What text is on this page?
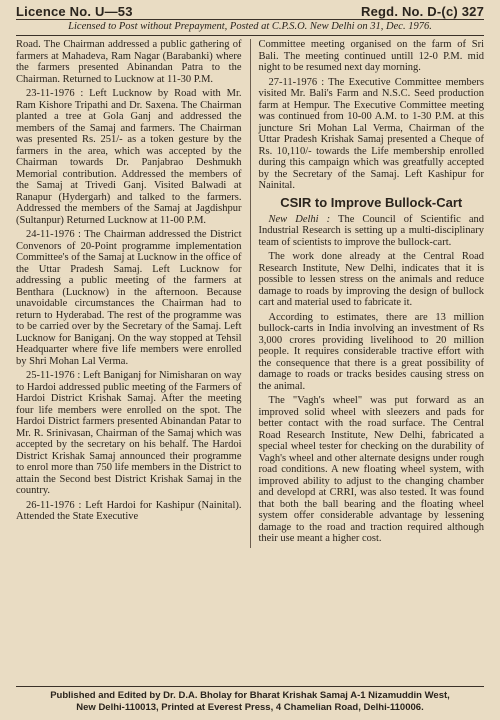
Licence No. U—53	Regd. No. D-(c) 327
Licensed to Post without Prepayment, Posted at C.P.S.O. New Delhi on 31, Dec. 1976.

Road. The Chairman addressed a public gathering of farmers at Mahadeva, Ram Nagar (Barabanki) where the farmers presented Abinandan Patra to the Chairman. Returned to Lucknow at 11-30 P.M.

23-11-1976 : Left Lucknow by Road with Mr. Ram Kishore Tripathi and Dr. Saxena. The Chairman planted a tree at Gola Ganj and addressed the members of the Samaj and farmers. The Chairman was presented Rs. 251/- as a token gesture by the farmers in the area, which was accepted by the Chairman towards Dr. Panjabrao Deshmukh Memorial contribution. Addressed the members of the Samaj at Trivedi Ganj. Visited Balwadi at Ranapur (Hydergarh) and talked to the farmers. Addressed the members of the Samaj at Jagdishpur (Sultanpur) Returned Lucknow at 11-00 P.M.

24-11-1976 : The Chairman addressed the District Convenors of 20-Point programme implementation Committee's of the Samaj at Lucknow in the office of the Uttar Pradesh Samaj. Left Lucknow for addressing a public meeting of the farmers at Benthara (Lucknow) in the afternoon. Because unavoidable circumstances the Chairman had to return to Hyderabad. The rest of the programme was to be carried over by the Secretary of the Samaj. Left Lucknow for Baniganj. On the way stopped at Tehsil Headquarter where five life members were enrolled by Shri Mohan Lal Verma.

25-11-1976 : Left Baniganj for Nimisharan on way to Hardoi addressed public meeting of the Farmers of Hardoi District Krishak Samaj. After the meeting four life members were enrolled on the spot. The Hardoi District farmers presented Abinandan Patar to Mr. R. Srinivasan, Chairman of the Samaj which was accepted by the secretary on his behalf. The Hardoi District Krishak Samaj announced their programme to enrol more than 750 life members in the District to attain the Second best District Krishak Samaj in the country.

26-11-1976 : Left Hardoi for Kashipur (Nainital). Attended the State Executive

Committee meeting organised on the farm of Sri Bali. The meeting continued untill 12-0 P.M. mid night to be resumed next day morning.

27-11-1976 : The Executive Committee members visited Mr. Bali's Farm and N.S.C. Seed production farm at Hempur. The Executive Committee meeting was continued from 10-00 A.M. to 1-30 P.M. at this juncture Sri Mohan Lal Verma, Chairman of the Uttar Pradesh Krishak Samaj presented a Cheque of Rs. 10,110/- towards the Life membership enrolled during this campaign which was greatfully accepted by the Secretary of the Samaj. Left Kashipur for Nainital.

CSIR to Improve Bullock-Cart

New Delhi : The Council of Scientific and Industrial Research is setting up a multi-disciplinary team of scientists to improve the bullock-cart.

The work done already at the Central Road Research Institute, New Delhi, indicates that it is possible to lessen stress on the animals and reduce damage to roads by improving the design of bullock cart and material used to fabricate it.

According to estimates, there are 13 million bullock-carts in India involving an investment of Rs 3,000 crores providing livelihood to 20 million people. It requires considerable tractive effort with the consequence that there is a great possibility of damage to roads or tracks besides causing stress on the animal.

The "Vagh's wheel" was put forward as an improved solid wheel with sleezers and pads for better contact with the road surface. The Central Road Research Institute, New Delhi, fabricated a special wheel tester for checking on the durability of Vagh's wheel and other alternate designs under rough road conditions. A new floating wheel system, with improved ability to adjust to the changing chamber and developd at CRRI, was also tested. It was found that both the ball bearing and the floating wheel system offer considerable advantage by lessening damage to the road and traction required although their use meant a higher cost.

Published and Edited by Dr. D.A. Bholay for Bharat Krishak Samaj A-1 Nizamuddin West,
New Delhi-110013, Printed at Everest Press, 4 Chamelian Road, Delhi-110006.
